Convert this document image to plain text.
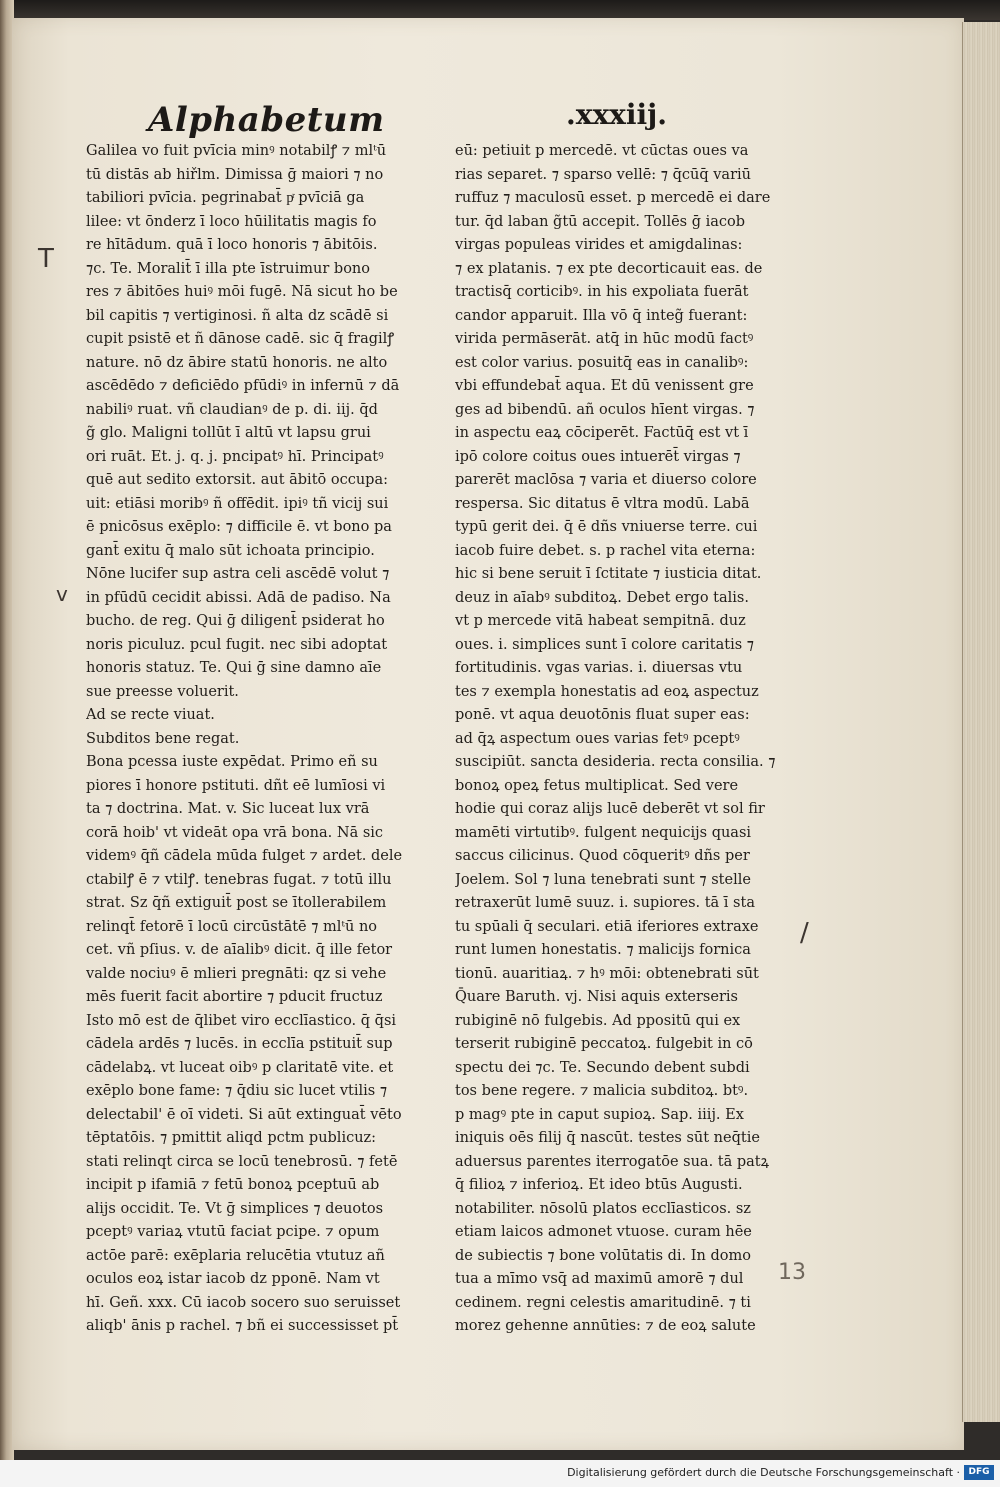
Alphabetum	.xxxiij.
Galilea vo fuit pvīcia minꝰ notabilꝭ ⁊ mlᵗū
tū distās ab hiřlm. Dimissa ḡ maiori ⁊ no
tabiliori pvīcia. pegrinabat̄ pͬ pvīciā ga
lilee: vt ōnderz ī loco hūilitatis magis fo
re hītādum. quā ī loco honoris ⁊ ābitōis.
⁊c. Te. Moralit̄ ī illa pte īstruimur bono
res ⁊ ābitōes huiꝰ mōi fugē. Nā sicut ho be
bil capitis ⁊ vertiginosi. ñ alta dz scādē si
cupit psistē et ñ dānose cadē. sic q̄ fragilꝭ
nature. nō dz ābire statū honoris. ne alto
ascēdēdo ⁊ deficiēdo pfūdiꝰ in infernū ⁊ dā
nabiliꝰ ruat. vñ claudianꝰ de p. di. iij. q̄d
g̃ glo. Maligni tollūt ī altū vt lapsu grui
ori ruāt. Et. j. q. j. pncipatꝰ hī. Principatꝰ
quē aut sedito extorsit. aut ābitō occupa:
uit: etiāsi moribꝰ ñ offēdit. ipiꝰ tñ vicij sui
ē pnicōsus exēplo: ⁊ difficile ē. vt bono pa
gant̄ exitu q̄ malo sūt ichoata principio.
Nōne lucifer sup astra celi ascēdē volut ⁊
in pfūdū cecidit abissi. Adā de padiso. Na
bucho. de reg. Qui ḡ diligent̄ psiderat ho
noris piculuz. pcul fugit. nec sibi adoptat
honoris statuz. Te. Qui ḡ sine damno aīe
sue preesse voluerit.
Ad se recte viuat.
Subditos bene regat.
Bona pcessa iuste expēdat. Primo eñ su
piores ī honore pstituti. dñt eē lumīosi vi
ta ⁊ doctrina. Mat. v. Sic luceat lux vrā
corā hoib' vt videāt opa vrā bona. Nā sic
videmꝰ q̄ñ cādela mūda fulget ⁊ ardet. dele
ctabilꝭ ē ⁊ vtilꝭ. tenebras fugat. ⁊ totū illu
strat. Sz q̄ñ extiguit̄ post se ītollerabilem
relinqt̄ fetorē ī locū circūstātē ⁊ mlᵗū no
cet. vñ pſius. v. de aīalibꝰ dicit. q̄ ille fetor
valde nociuꝰ ē mlieri pregnāti: qz si vehe
mēs fuerit facit abortire ⁊ pducit fructuz
Isto mō est de q̄libet viro ecclīastico. q̄ q̄si
cādela ardēs ⁊ lucēs. in ecclīa pstituit̄ sup
cādelabꝝ. vt luceat oibꝰ p claritatē vite. et
exēplo bone fame: ⁊ q̄diu sic lucet vtilis ⁊
delectabil' ē oī videti. Si aūt extinguat̄ vēto
tēptatōis. ⁊ pmittit aliqd pctm publicuz:
stati relinqt circa se locū tenebrosū. ⁊ fetē
incipit p ifamiā ⁊ fetū bonoꝝ pceptuū ab
alijs occidit. Te. Vt ḡ simplices ⁊ deuotos
pceptꝰ variaꝝ vtutū faciat pcipe. ⁊ opum
actōe parē: exēplaria relucētia vtutuz añ
oculos eoꝝ istar iacob dz pponē. Nam vt
hī. Geñ. xxx. Cū iacob socero suo seruisset
aliqb' ānis p rachel. ⁊ bñ ei successisset pt̄
eū: petiuit p mercedē. vt cūctas oues va
rias separet. ⁊ sparso vellē: ⁊ q̄cūq̄ variū
ruffuz ⁊ maculosū esset. p mercedē ei dare
tur. q̄d laban g̃tū accepit. Tollēs ḡ iacob
virgas populeas virides et amigdalinas:
⁊ ex platanis. ⁊ ex pte decorticauit eas. de
tractisq̄ corticibꝰ. in his expoliata fuerāt
candor apparuit. Illa vō q̄ integ̃ fuerant:
virida permāserāt. atq̄ in hūc modū factꝰ
est color varius. posuitq̄ eas in canalibꝰ:
vbi effundebat̄ aqua. Et dū venissent gre
ges ad bibendū. añ oculos hīent virgas. ⁊
in aspectu eaꝝ cōciperēt. Factūq̄ est vt ī
ipō colore coitus oues intuerēt̄ virgas ⁊
parerēt maclōsa ⁊ varia et diuerso colore
respersa. Sic ditatus ē vltra modū. Labā
typū gerit dei. q̄ ē dñs vniuerse terre. cui
iacob fuire debet. s. p rachel vita eterna:
hic si bene seruit ī ſctitate ⁊ iusticia ditat.
deuz in aīabꝰ subditoꝝ. Debet ergo talis.
vt p mercede vitā habeat sempitnā. duz
oues. i. simplices sunt ī colore caritatis ⁊
fortitudinis. vgas varias. i. diuersas vtu
tes ⁊ exempla honestatis ad eoꝝ aspectuz
ponē. vt aqua deuotōnis fluat super eas:
ad q̄ꝝ aspectum oues varias fetꝰ pceptꝰ
suscipiūt. sancta desideria. recta consilia. ⁊
bonoꝝ opeꝝ fetus multiplicat. Sed vere
hodie qui coraz alijs lucē deberēt vt sol fir
mamēti virtutibꝰ. fulgent nequicijs quasi
saccus cilicinus. Quod cōqueritꝰ dñs per
Joelem. Sol ⁊ luna tenebrati sunt ⁊ stelle
retraxerūt lumē suuz. i. supiores. tā ī sta
tu spūali q̄ seculari. etiā iferiores extraxe
runt lumen honestatis. ⁊ malicijs fornica
tionū. auaritiaꝝ. ⁊ hꝰ mōi: obtenebrati sūt
Q̄uare Baruth. vj. Nisi aquis exterseris
rubiginē nō fulgebis. Ad ppositū qui ex
terserit rubiginē peccatoꝝ. fulgebit in cō
spectu dei ⁊c. Te. Secundo debent subdi
tos bene regere. ⁊ malicia subditoꝝ. btꝰ.
p magꝰ pte in caput supioꝝ. Sap. iiij. Ex
iniquis oēs filij q̄ nascūt. testes sūt neq̄tie
aduersus parentes iterrogatōe sua. tā patꝝ
q̄ filioꝝ ⁊ inferioꝝ. Et ideo btūs Augusti.
notabiliter. nōsolū platos ecclīasticos. sz
etiam laicos admonet vtuose. curam hēe
de subiectis ⁊ bone volūtatis di. In domo
tua a mīmo vsq̄ ad maximū amorē ⁊ dul
cedinem. regni celestis amaritudinē. ⁊ ti
morez gehenne annūties: ⁊ de eoꝝ salute
T
v
/
13
Digitalisierung gefördert durch die Deutsche Forschungsgemeinschaft · DFG
